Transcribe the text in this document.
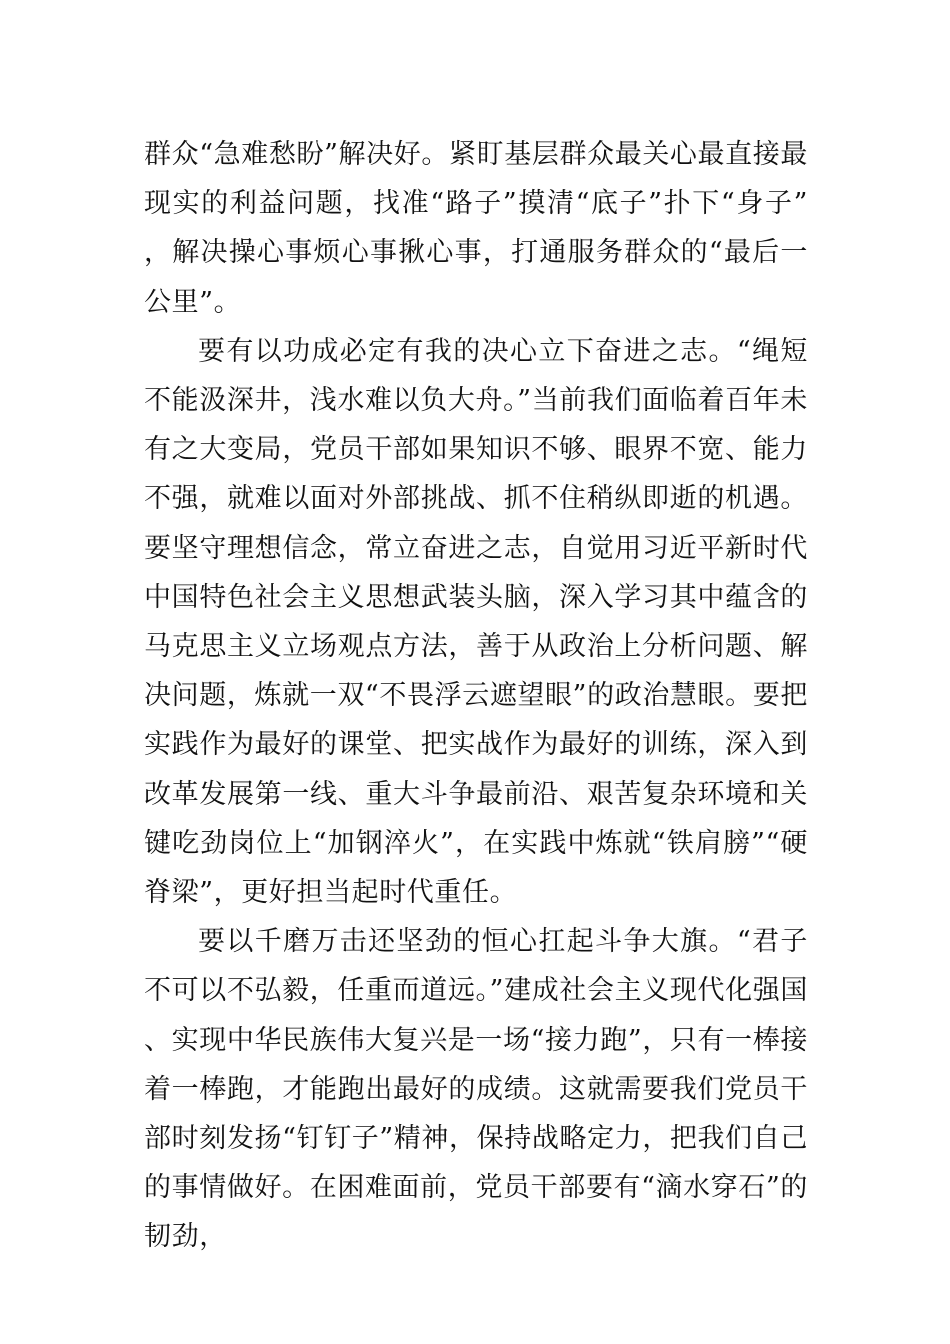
群众“急难愁盼”解决好。紧盯基层群众最关心最直接最现实的利益问题，找准“路子”摸清“底子”扑下“身子”，解决操心事烦心事揪心事，打通服务群众的“最后一公里”。

要有以功成必定有我的决心立下奋进之志。“绳短不能汲深井，浅水难以负大舟。”当前我们面临着百年未有之大变局，党员干部如果知识不够、眼界不宽、能力不强，就难以面对外部挑战、抓不住稍纵即逝的机遇。要坚守理想信念，常立奋进之志，自觉用习近平新时代中国特色社会主义思想武装头脑，深入学习其中蕴含的马克思主义立场观点方法，善于从政治上分析问题、解决问题，炼就一双“不畏浮云遮望眼”的政治慧眼。要把实践作为最好的课堂、把实战作为最好的训练，深入到改革发展第一线、重大斗争最前沿、艰苦复杂环境和关键吃劲岗位上“加钢淬火”，在实践中炼就“铁肩膀”“硬脊梁”，更好担当起时代重任。

要以千磨万击还坚劲的恒心扛起斗争大旗。“君子不可以不弘毅，任重而道远。”建成社会主义现代化强国、实现中华民族伟大复兴是一场“接力跑”，只有一棒接着一棒跑，才能跑出最好的成绩。这就需要我们党员干部时刻发扬“钉钉子”精神，保持战略定力，把我们自己的事情做好。在困难面前，党员干部要有“滴水穿石”的韧劲，
